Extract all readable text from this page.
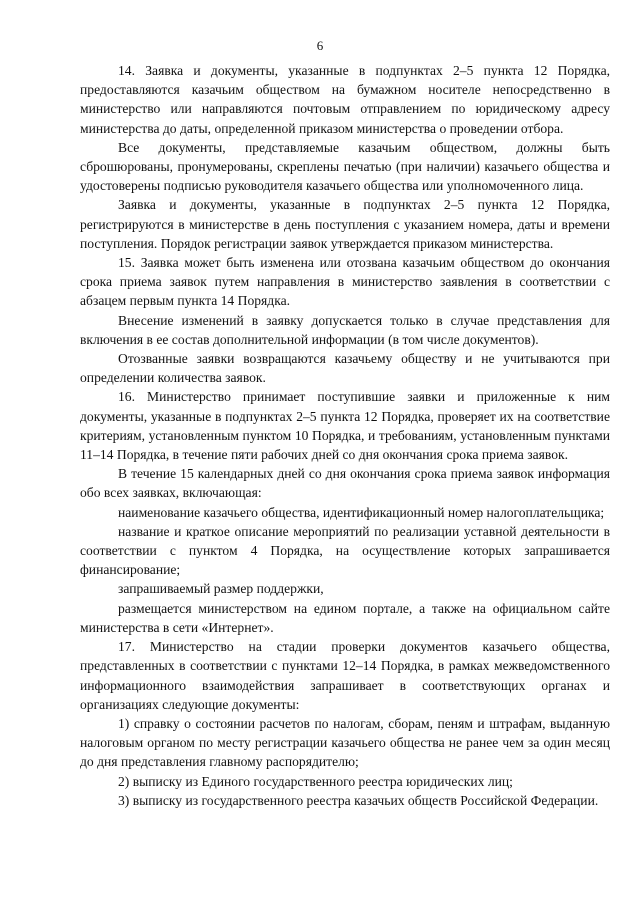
6

14. Заявка и документы, указанные в подпунктах 2–5 пункта 12 Порядка, предоставляются казачьим обществом на бумажном носителе непосредственно в министерство или направляются почтовым отправлением по юридическому адресу министерства до даты, определенной приказом министерства о проведении отбора.

Все документы, представляемые казачьим обществом, должны быть сброшюрованы, пронумерованы, скреплены печатью (при наличии) казачьего общества и удостоверены подписью руководителя казачьего общества или уполномоченного лица.

Заявка и документы, указанные в подпунктах 2–5 пункта 12 Порядка, регистрируются в министерстве в день поступления с указанием номера, даты и времени поступления. Порядок регистрации заявок утверждается приказом министерства.

15. Заявка может быть изменена или отозвана казачьим обществом до окончания срока приема заявок путем направления в министерство заявления в соответствии с абзацем первым пункта 14 Порядка.

Внесение изменений в заявку допускается только в случае представления для включения в ее состав дополнительной информации (в том числе документов).

Отозванные заявки возвращаются казачьему обществу и не учитываются при определении количества заявок.

16. Министерство принимает поступившие заявки и приложенные к ним документы, указанные в подпунктах 2–5 пункта 12 Порядка, проверяет их на соответствие критериям, установленным пунктом 10 Порядка, и требованиям, установленным пунктами 11–14 Порядка, в течение пяти рабочих дней со дня окончания срока приема заявок.

В течение 15 календарных дней со дня окончания срока приема заявок информация обо всех заявках, включающая:

наименование казачьего общества, идентификационный номер налогоплательщика;

название и краткое описание мероприятий по реализации уставной деятельности в соответствии с пунктом 4 Порядка, на осуществление которых запрашивается финансирование;

запрашиваемый размер поддержки,

размещается министерством на едином портале, а также на официальном сайте министерства в сети «Интернет».

17. Министерство на стадии проверки документов казачьего общества, представленных в соответствии с пунктами 12–14 Порядка, в рамках межведомственного информационного взаимодействия запрашивает в соответствующих органах и организациях следующие документы:

1) справку о состоянии расчетов по налогам, сборам, пеням и штрафам, выданную налоговым органом по месту регистрации казачьего общества не ранее чем за один месяц до дня представления главному распорядителю;

2) выписку из Единого государственного реестра юридических лиц;

3) выписку из государственного реестра казачьих обществ Российской Федерации.
